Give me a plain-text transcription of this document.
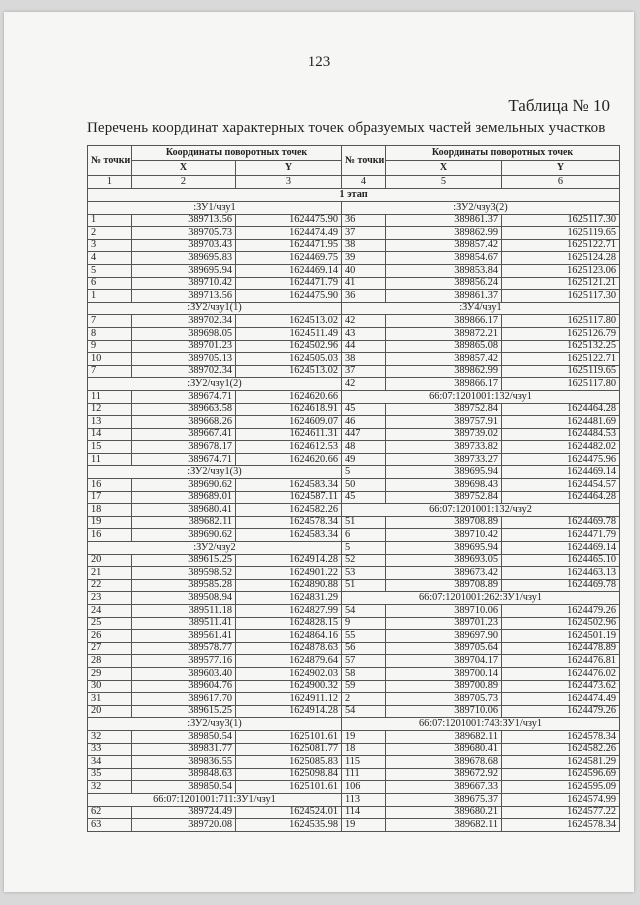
123
Таблица № 10
Перечень координат характерных точек образуемых частей земельных участков
№ точки	Координаты поворотных точек		№ точки	Координаты поворотных точек	
	X	Y		X	Y
1	2	3	4	5	6
1 этап					
:ЗУ1/чзу1			:ЗУ2/чзу3(2)		
1	389713.56	1624475.90	36	389861.37	1625117.30
2	389705.73	1624474.49	37	389862.99	1625119.65
3	389703.43	1624471.95	38	389857.42	1625122.71
4	389695.83	1624469.75	39	389854.67	1625124.28
5	389695.94	1624469.14	40	389853.84	1625123.06
6	389710.42	1624471.79	41	389856.24	1625121.21
1	389713.56	1624475.90	36	389861.37	1625117.30
:ЗУ2/чзу1(1)			:ЗУ4/чзу1		
7	389702.34	1624513.02	42	389866.17	1625117.80
8	389698.05	1624511.49	43	389872.21	1625126.79
9	389701.23	1624502.96	44	389865.08	1625132.25
10	389705.13	1624505.03	38	389857.42	1625122.71
7	389702.34	1624513.02	37	389862.99	1625119.65
:ЗУ2/чзу1(2)			42	389866.17	1625117.80
11	389674.71	1624620.66	66:07:1201001:132/чзу1		
12	389663.58	1624618.91	45	389752.84	1624464.28
13	389668.26	1624609.07	46	389757.91	1624481.69
14	389667.41	1624611.31	447	389739.02	1624484.53
15	389678.17	1624612.53	48	389733.82	1624482.02
11	389674.71	1624620.66	49	389733.27	1624475.96
:ЗУ2/чзу1(3)			5	389695.94	1624469.14
16	389690.62	1624583.34	50	389698.43	1624454.57
17	389689.01	1624587.11	45	389752.84	1624464.28
18	389680.41	1624582.26	66:07:1201001:132/чзу2		
19	389682.11	1624578.34	51	389708.89	1624469.78
16	389690.62	1624583.34	6	389710.42	1624471.79
:ЗУ2/чзу2			5	389695.94	1624469.14
20	389615.25	1624914.28	52	389693.05	1624465.10
21	389598.52	1624901.22	53	389673.42	1624463.13
22	389585.28	1624890.88	51	389708.89	1624469.78
23	389508.94	1624831.29	66:07:1201001:262:ЗУ1/чзу1		
24	389511.18	1624827.99	54	389710.06	1624479.26
25	389511.41	1624828.15	9	389701.23	1624502.96
26	389561.41	1624864.16	55	389697.90	1624501.19
27	389578.77	1624878.63	56	389705.64	1624478.89
28	389577.16	1624879.64	57	389704.17	1624476.81
29	389603.40	1624902.03	58	389700.14	1624476.02
30	389604.76	1624900.32	59	389700.89	1624473.62
31	389617.70	1624911.12	2	389705.73	1624474.49
20	389615.25	1624914.28	54	389710.06	1624479.26
:ЗУ2/чзу3(1)			66:07:1201001:743:ЗУ1/чзу1		
32	389850.54	1625101.61	19	389682.11	1624578.34
33	389831.77	1625081.77	18	389680.41	1624582.26
34	389836.55	1625085.83	115	389678.68	1624581.29
35	389848.63	1625098.84	111	389672.92	1624596.69
32	389850.54	1625101.61	106	389667.33	1624595.09
66:07:1201001:711:ЗУ1/чзу1			113	389675.37	1624574.99
62	389724.49	1624524.01	114	389680.21	1624577.22
63	389720.08	1624535.98	19	389682.11	1624578.34
